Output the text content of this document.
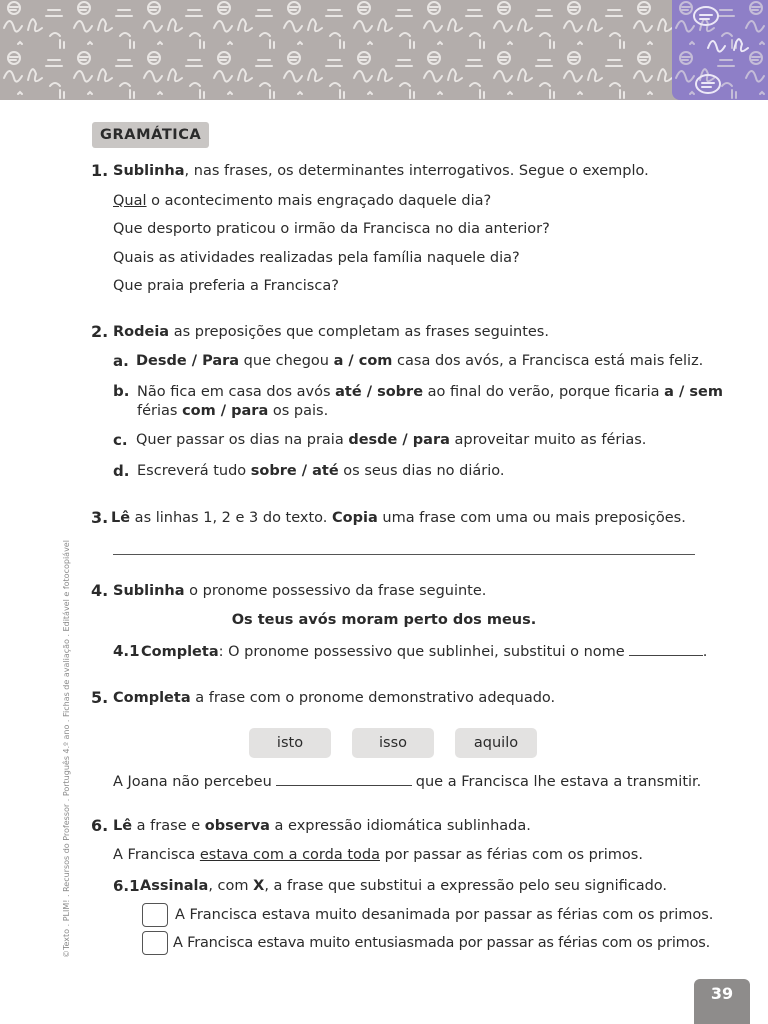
GRAMÁTICA
1. Sublinha, nas frases, os determinantes interrogativos. Segue o exemplo.
Qual o acontecimento mais engraçado daquele dia?
Que desporto praticou o irmão da Francisca no dia anterior?
Quais as atividades realizadas pela família naquele dia?
Que praia preferia a Francisca?
2. Rodeia as preposições que completam as frases seguintes.
a. Desde / Para que chegou a / com casa dos avós, a Francisca está mais feliz.
b. Não fica em casa dos avós até / sobre ao final do verão, porque ficaria a / sem
férias com / para os pais.
c. Quer passar os dias na praia desde / para aproveitar muito as férias.
d. Escreverá tudo sobre / até os seus dias no diário.
3. Lê as linhas 1, 2 e 3 do texto. Copia uma frase com uma ou mais preposições.
4. Sublinha o pronome possessivo da frase seguinte.
Os teus avós moram perto dos meus.
4.1 Completa: O pronome possessivo que sublinhei, substitui o nome	.
5. Completa a frase com o pronome demonstrativo adequado.
isto	isso	aquilo
A Joana não percebeu	que a Francisca lhe estava a transmitir.
6. Lê a frase e observa a expressão idiomática sublinhada.
A Francisca estava com a corda toda por passar as férias com os primos.
6.1 Assinala, com X, a frase que substitui a expressão pelo seu significado.
A Francisca estava muito desanimada por passar as férias com os primos.
A Francisca estava muito entusiasmada por passar as férias com os primos.
©Texto . PLIM! . Recursos do Professor . Português 4.º ano . Fichas de avaliação . Editável e fotocopiável
39
